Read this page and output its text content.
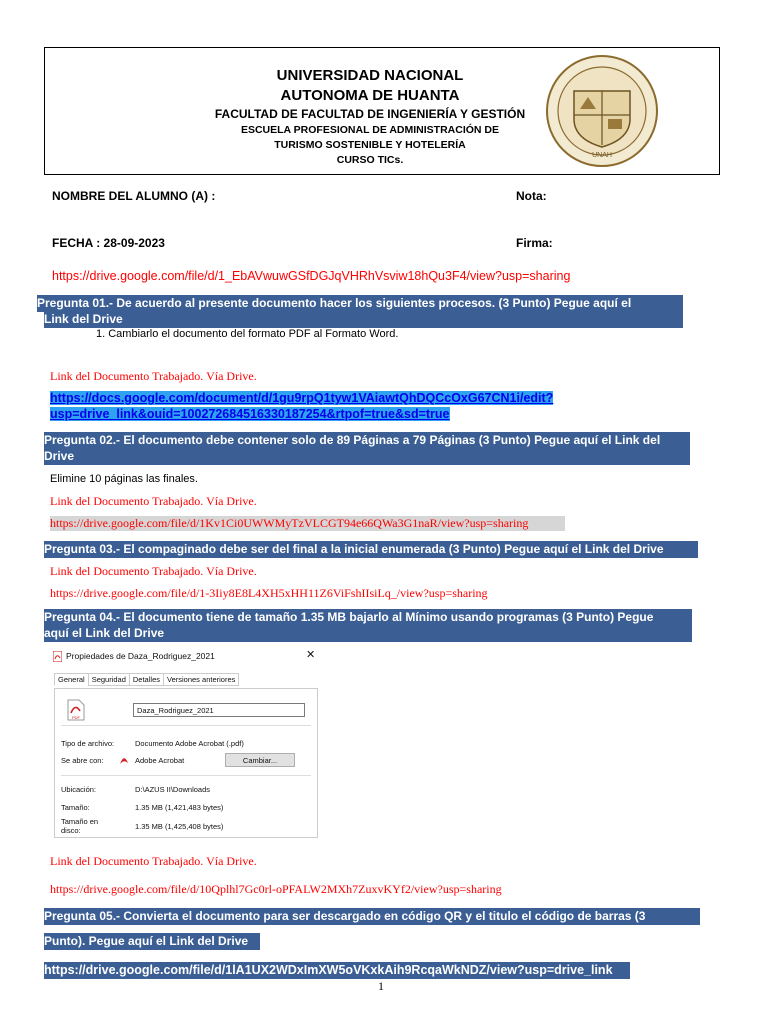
UNIVERSIDAD NACIONAL
AUTONOMA DE HUANTA
FACULTAD DE FACULTAD DE INGENIERÍA Y GESTIÓN
ESCUELA PROFESIONAL DE ADMINISTRACIÓN DE
TURISMO SOSTENIBLE Y HOTELERÍA
CURSO TICs.	UNAH
NOMBRE DEL ALUMNO (A) :	Nota:
FECHA : 28-09-2023	Firma:
https://drive.google.com/file/d/1_EbAVwuwGSfDGJqVHRhVsviw18hQu3F4/view?usp=sharing
Pregunta 01.- De acuerdo al presente documento hacer los siguientes procesos. (3 Punto) Pegue aquí el
Link del Drive
1. Cambiarlo el documento del formato PDF al Formato Word.
Link del Documento Trabajado. Vía Drive.
https://docs.google.com/document/d/1gu9rpQ1tyw1VAiawtQhDQCcOxG67CN1i/edit?
usp=drive_link&ouid=100272684516330187254&rtpof=true&sd=true
Pregunta 02.- El documento debe contener solo de 89 Páginas a 79 Páginas (3 Punto) Pegue aquí el Link del
Drive
Elimine 10 páginas las finales.
Link del Documento Trabajado. Vía Drive.
https://drive.google.com/file/d/1Kv1Ci0UWWMyTzVLCGT94e66QWa3G1naR/view?usp=sharing
Pregunta 03.- El compaginado debe ser del final a la inicial enumerada (3 Punto) Pegue aquí el Link del Drive
Link del Documento Trabajado. Vía Drive.
https://drive.google.com/file/d/1-3Iiy8E8L4XH5xHH11Z6ViFshIIsiLq_/view?usp=sharing
Pregunta 04.- El documento tiene de tamaño 1.35 MB bajarlo al Mínimo usando programas (3 Punto) Pegue
aquí el Link del Drive
Propiedades de Daza_Rodriguez_2021	✕
General Seguridad Detalles Versiones anteriores
PDF
Daza_Rodriguez_2021
Tipo de archivo:	Documento Adobe Acrobat (.pdf)
Se abre con:	Adobe Acrobat	Cambiar...
Ubicación:	D:\AZUS II\Downloads
Tamaño:	1.35 MB (1,421,483 bytes)
Tamaño en
disco:	1.35 MB (1,425,408 bytes)
Link del Documento Trabajado. Vía Drive.
https://drive.google.com/file/d/10Qplhl7Gc0rl-oPFALW2MXh7ZuxvKYf2/view?usp=sharing
Pregunta 05.- Convierta el documento para ser descargado en código QR y el titulo el código de barras (3
Punto). Pegue aquí el Link del Drive
https://drive.google.com/file/d/1lA1UX2WDxImXW5oVKxkAih9RcqaWkNDZ/view?usp=drive_link
1
